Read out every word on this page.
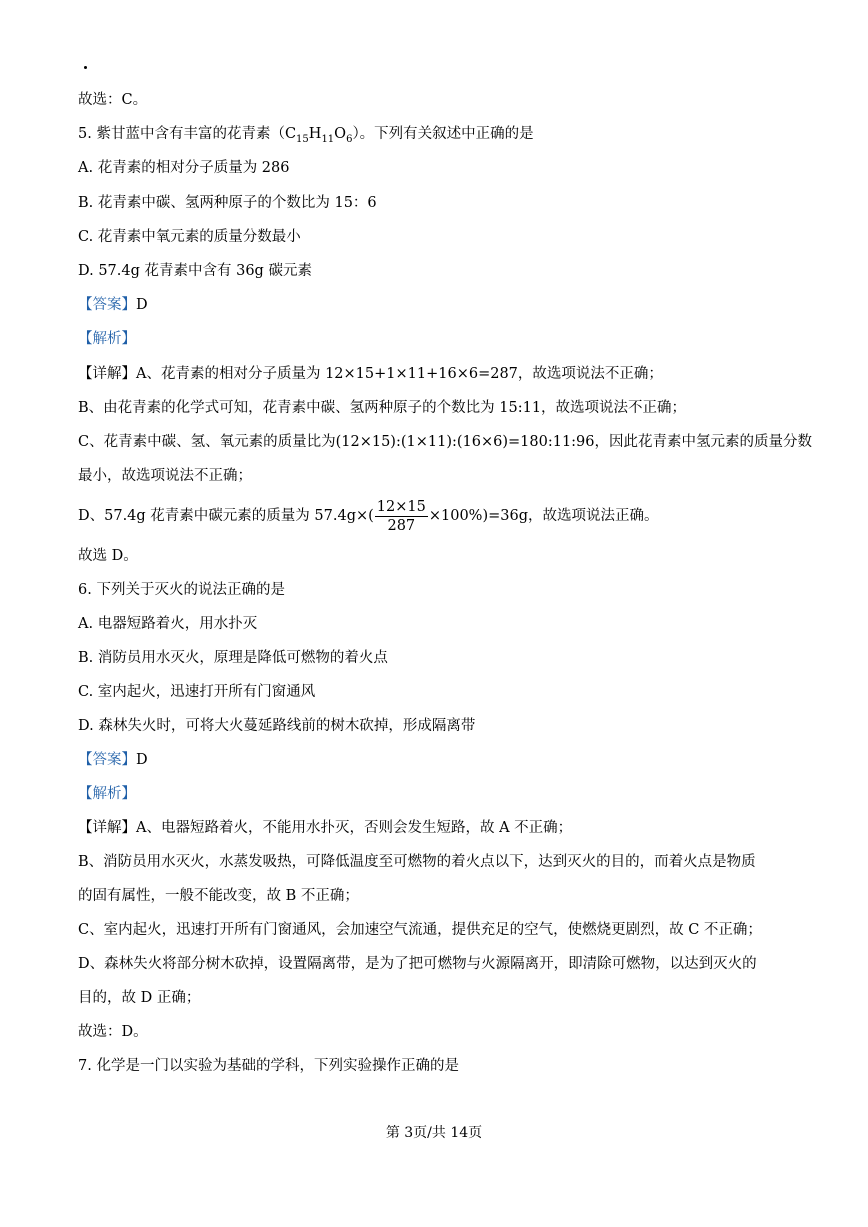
故选：C。
5. 紫甘蓝中含有丰富的花青素$(C_{15}H_{11}O_6)$。下列有关叙述中正确的是
A. 花青素的相对分子质量为 286
B. 花青素中碳、氢两种原子的个数比为 15：6
C. 花青素中氧元素的质量分数最小
D. 57.4g 花青素中含有 36g 碳元素
【答案】D
【解析】
【详解】A、花青素的相对分子质量为 12×15+1×11+16×6=287，故选项说法不正确；
B、由花青素的化学式可知，花青素中碳、氢两种原子的个数比为 15:11，故选项说法不正确；
C、花青素中碳、氢、氧元素的质量比为(12×15):(1×11):(16×6)=180:11:96，因此花青素中氢元素的质量分数
最小，故选项说法不正确；
D、57.4g 花青素中碳元素的质量为 $57.4g\times( \frac{12\times 15}{287} \times 100\%)=36g$，故选项说法正确。
故选 D。
6. 下列关于灭火的说法正确的是
A. 电器短路着火，用水扑灭
B. 消防员用水灭火，原理是降低可燃物的着火点
C. 室内起火，迅速打开所有门窗通风
D. 森林失火时，可将大火蔓延路线前的树木砍掉，形成隔离带
【答案】D
【解析】
【详解】A、电器短路着火，不能用水扑灭，否则会发生短路，故 A 不正确；
B、消防员用水灭火，水蒸发吸热，可降低温度至可燃物的着火点以下，达到灭火的目的，而着火点是物质
的固有属性，一般不能改变，故 B 不正确；
C、室内起火，迅速打开所有门窗通风，会加速空气流通，提供充足的空气，使燃烧更剧烈，故 C 不正确；
D、森林失火将部分树木砍掉，设置隔离带，是为了把可燃物与火源隔离开，即清除可燃物，以达到灭火的
目的，故 D 正确；
故选：D。
7. 化学是一门以实验为基础的学科，下列实验操作正确的是
第 3页/共 14页
